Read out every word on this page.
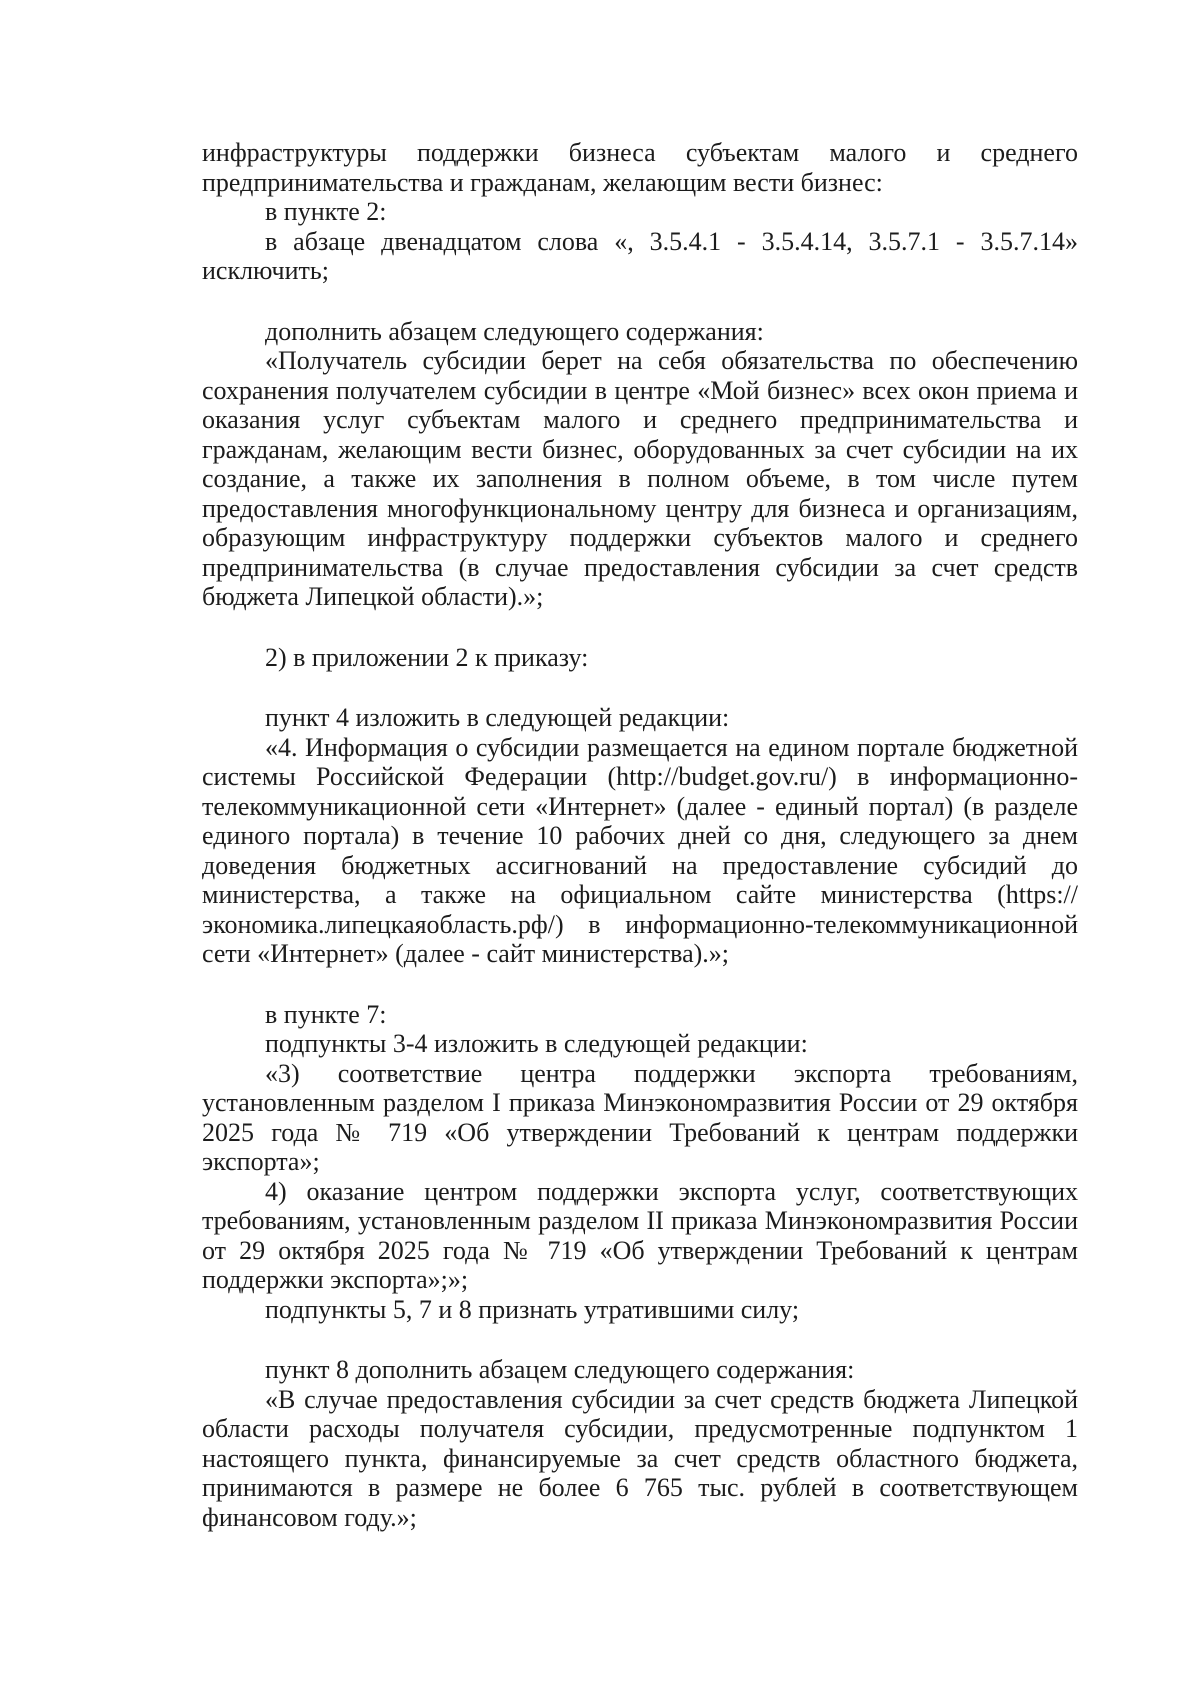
инфраструктуры поддержки бизнеса субъектам малого и среднего предпринимательства и гражданам, желающим вести бизнес:

в пункте 2:

в абзаце двенадцатом слова «, 3.5.4.1 - 3.5.4.14, 3.5.7.1 - 3.5.7.14» исключить;

дополнить абзацем следующего содержания:

«Получатель субсидии берет на себя обязательства по обеспечению сохранения получателем субсидии в центре «Мой бизнес» всех окон приема и оказания услуг субъектам малого и среднего предпринимательства и гражданам, желающим вести бизнес, оборудованных за счет субсидии на их создание, а также их заполнения в полном объеме, в том числе путем предоставления многофункциональному центру для бизнеса и организациям, образующим инфраструктуру поддержки субъектов малого и среднего предпринимательства (в случае предоставления субсидии за счет средств бюджета Липецкой области).»;

2) в приложении 2 к приказу:

пункт 4 изложить в следующей редакции:

«4. Информация о субсидии размещается на едином портале бюджетной системы Российской Федерации (http://budget.gov.ru/) в информационно-телекоммуникационной сети «Интернет» (далее - единый портал) (в разделе единого портала) в течение 10 рабочих дней со дня, следующего за днем доведения бюджетных ассигнований на предоставление субсидий до министерства, а также на официальном сайте министерства (https://экономика.липецкаяобласть.рф/) в информационно-телекоммуникационной сети «Интернет» (далее - сайт министерства).»;

в пункте 7:

подпункты 3-4 изложить в следующей редакции:

«3) соответствие центра поддержки экспорта требованиям, установленным разделом I приказа Минэкономразвития России от 29 октября 2025 года № 719 «Об утверждении Требований к центрам поддержки экспорта»;

4) оказание центром поддержки экспорта услуг, соответствующих требованиям, установленным разделом II приказа Минэкономразвития России от 29 октября 2025 года № 719 «Об утверждении Требований к центрам поддержки экспорта»;»;

подпункты 5, 7 и 8 признать утратившими силу;

пункт 8 дополнить абзацем следующего содержания:

«В случае предоставления субсидии за счет средств бюджета Липецкой области расходы получателя субсидии, предусмотренные подпунктом 1 настоящего пункта, финансируемые за счет средств областного бюджета, принимаются в размере не более 6 765 тыс. рублей в соответствующем финансовом году.»;
